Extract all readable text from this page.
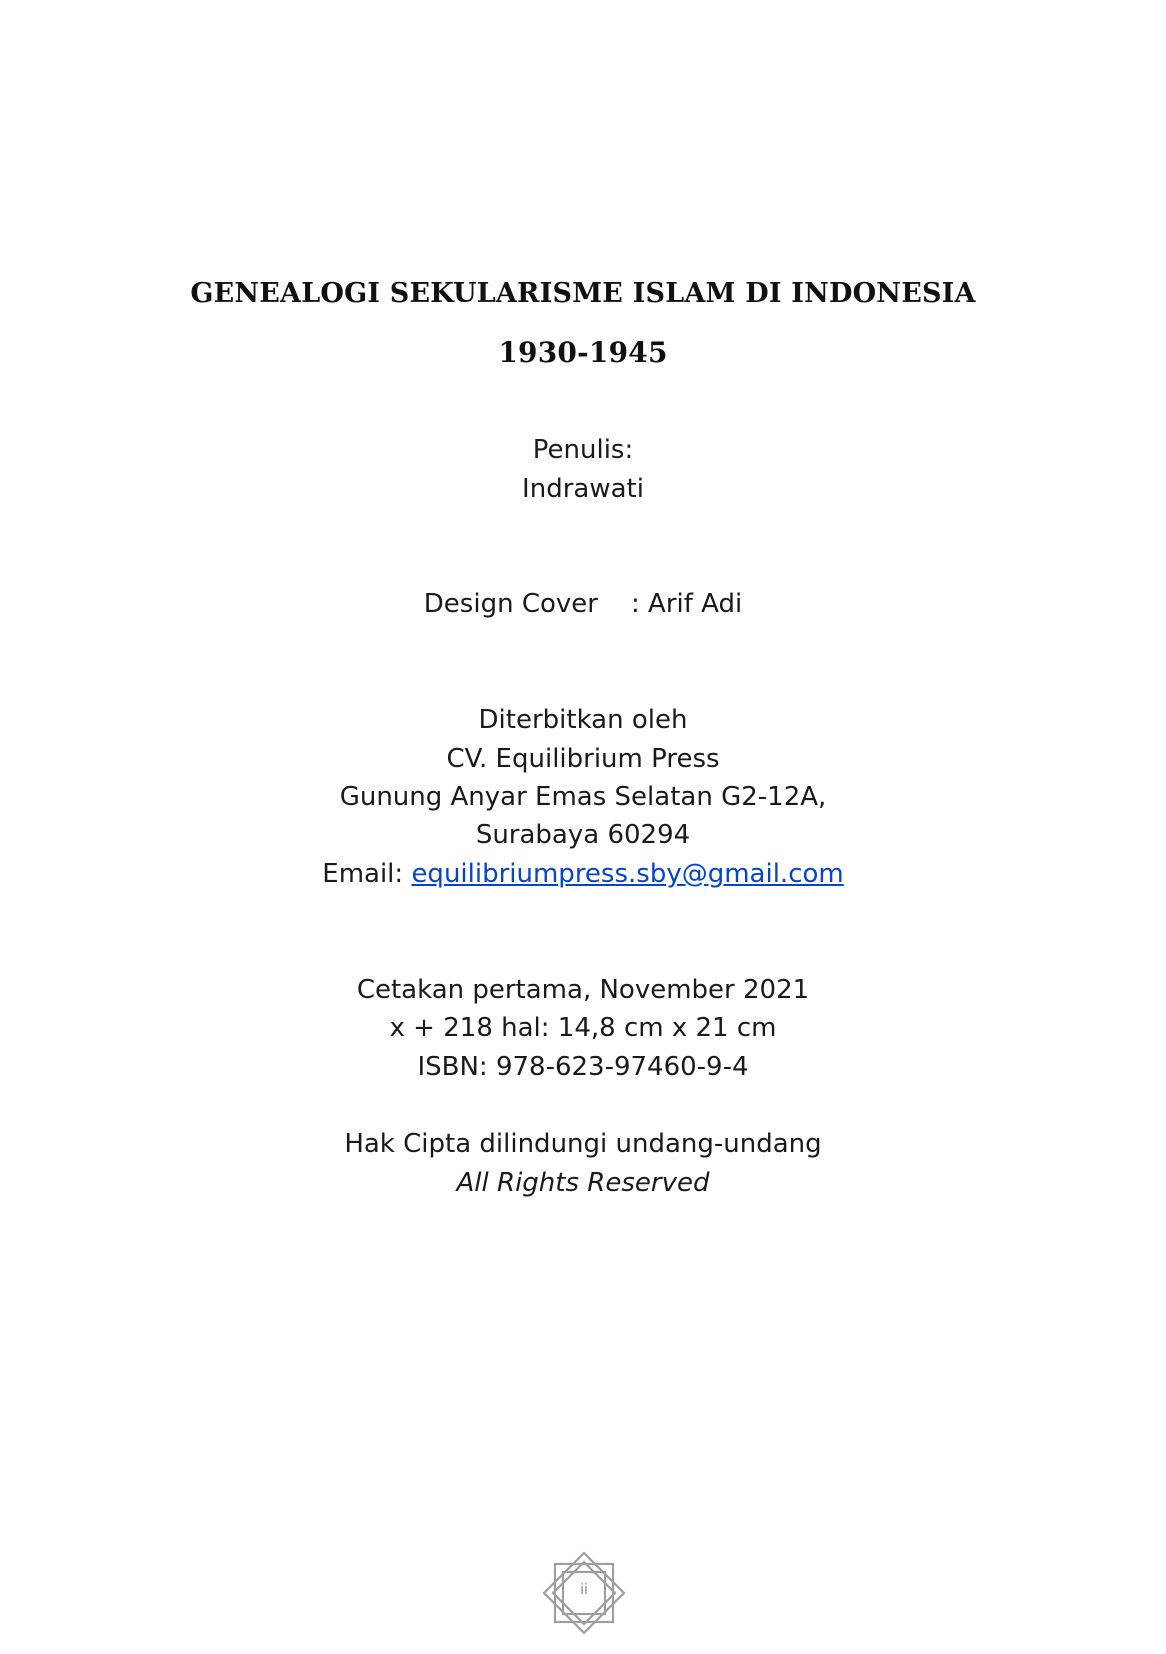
GENEALOGI SEKULARISME ISLAM DI INDONESIA
1930-1945
Penulis:
Indrawati
Design Cover    : Arif Adi
Diterbitkan oleh
CV. Equilibrium Press
Gunung Anyar Emas Selatan G2-12A,
Surabaya 60294
Email: equilibriumpress.sby@gmail.com
Cetakan pertama, November 2021
x + 218 hal: 14,8 cm x 21 cm
ISBN: 978-623-97460-9-4
Hak Cipta dilindungi undang-undang
All Rights Reserved
ii
